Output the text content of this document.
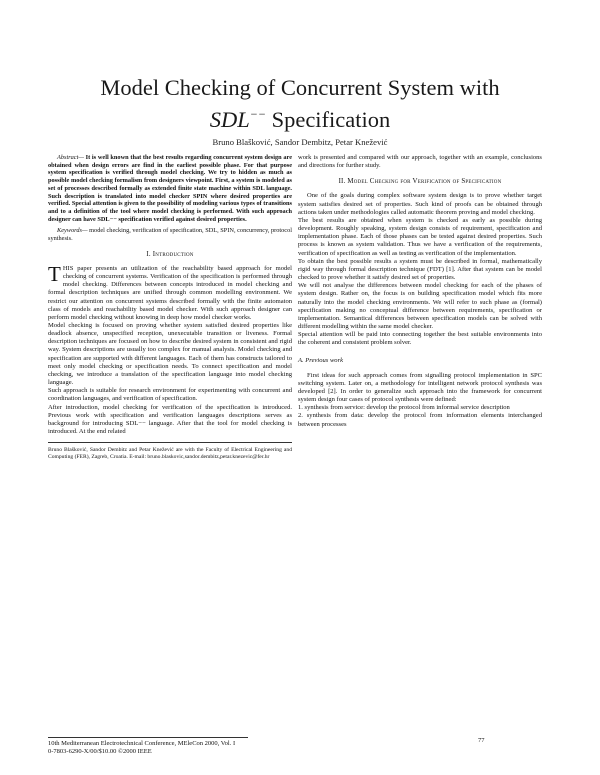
Model Checking of Concurrent System with
SDL−− Specification
Bruno Blašković, Sandor Dembitz, Petar Knežević

Abstract— It is well known that the best results regarding concurrent system design are obtained when design errors are find in the earliest possible phase. For that purpose system specification is verified through model checking. We try to hidden as much as possible model checking formalism from designers viewpoint. First, a system is modeled as set of processes described formally as extended finite state machine within SDL language. Such description is translated into model checker SPIN where desired properties are verified. Special attention is given to the possibility of modeling various types of transitions and to a definition of the tool where model checking is performed. With such approach designer can have SDL−− specification verified against desired properties.

Keywords— model checking, verification of specification, SDL, SPIN, concurrency, protocol synthesis.

I. Introduction

THIS paper presents an utilization of the reachability based approach for model checking of concurrent systems. Verification of the specification is performed through model checking. Differences between concepts introduced in model checking and formal description techniques are unified through common modelling environment. We restrict our attention on concurrent systems described formally with the finite automaton class of models and reachability based model checker. With such approach designer can perform model checking without knowing in deep how model checker works.

Model checking is focused on proving whether system satisfied desired properties like deadlock absence, unspecified reception, unexecutable transition or liveness. Formal description techniques are focused on how to describe desired system in consistent and rigid way. System descriptions are usually too complex for manual analysis. Model checking and specification are supported with different languages. Each of them has constructs tailored to meet only model checking or specification needs. To connect specification and model checking, we introduce a translation of the specification language into model checking language.

Such approach is suitable for research environment for experimenting with concurrent and coordination languages, and verification of specification.

After introduction, model checking for verification of the specification is introduced. Previous work with specification and verification languages descriptions serves as background for introducing SDL−− language. After that the tool for model checking is introduced. At the end related

Bruno Blašković, Sandor Dembitz and Petar Knežević are with the Faculty of Electrical Engineering and Computing (FER), Zagreb, Croatia. E-mail: bruno.blaskovic,sandor.dembitz,petar.knezevic@fer.hr

work is presented and compared with our approach, together with an example, conclusions and directions for further study.

II. Model Checking for Verification of Specification

One of the goals during complex software system design is to prove whether target system satisfies desired set of properties. Such kind of proofs can be obtained through actions taken under methodologies called automatic theorem proving and model checking.

The best results are obtained when system is checked as early as possible during development. Roughly speaking, system design consists of requirement, specification and implementation phase. Each of those phases can be tested against desired properties. Such process is known as system validation. Thus we have a verification of the requirements, verification of specification as well as testing as verification of the implementation.

To obtain the best possible results a system must be described in formal, mathematically rigid way through formal description technique (FDT) [1]. After that system can be model checked to prove whether it satisfy desired set of properties.

We will not analyse the differences between model checking for each of the phases of system design. Rather on, the focus is on building specification model which fits more naturally into the model checking environments. We will refer to such phase as (formal) specification making no conceptual difference between requirements, specification or implementation. Semantical differences between specification models can be solved with different modelling within the same model checker.

Special attention will be paid into connecting together the best suitable environments into the coherent and consistent problem solver.

A. Previous work

First ideas for such approach comes from signalling protocol implementation in SPC switching system. Later on, a methodology for intelligent network protocol synthesis was developed [2]. In order to generalize such approach into the framework for concurrent system design four cases of protocol synthesis were defined:

1. synthesis from service: develop the protocol from informal service description

2. synthesis from data: develop the protocol from information elements interchanged between processes

10th Mediterranean Electrotechnical Conference, MEleCon 2000, Vol. I
0-7803-6290-X/00/$10.00 ©2000 IEEE
77
